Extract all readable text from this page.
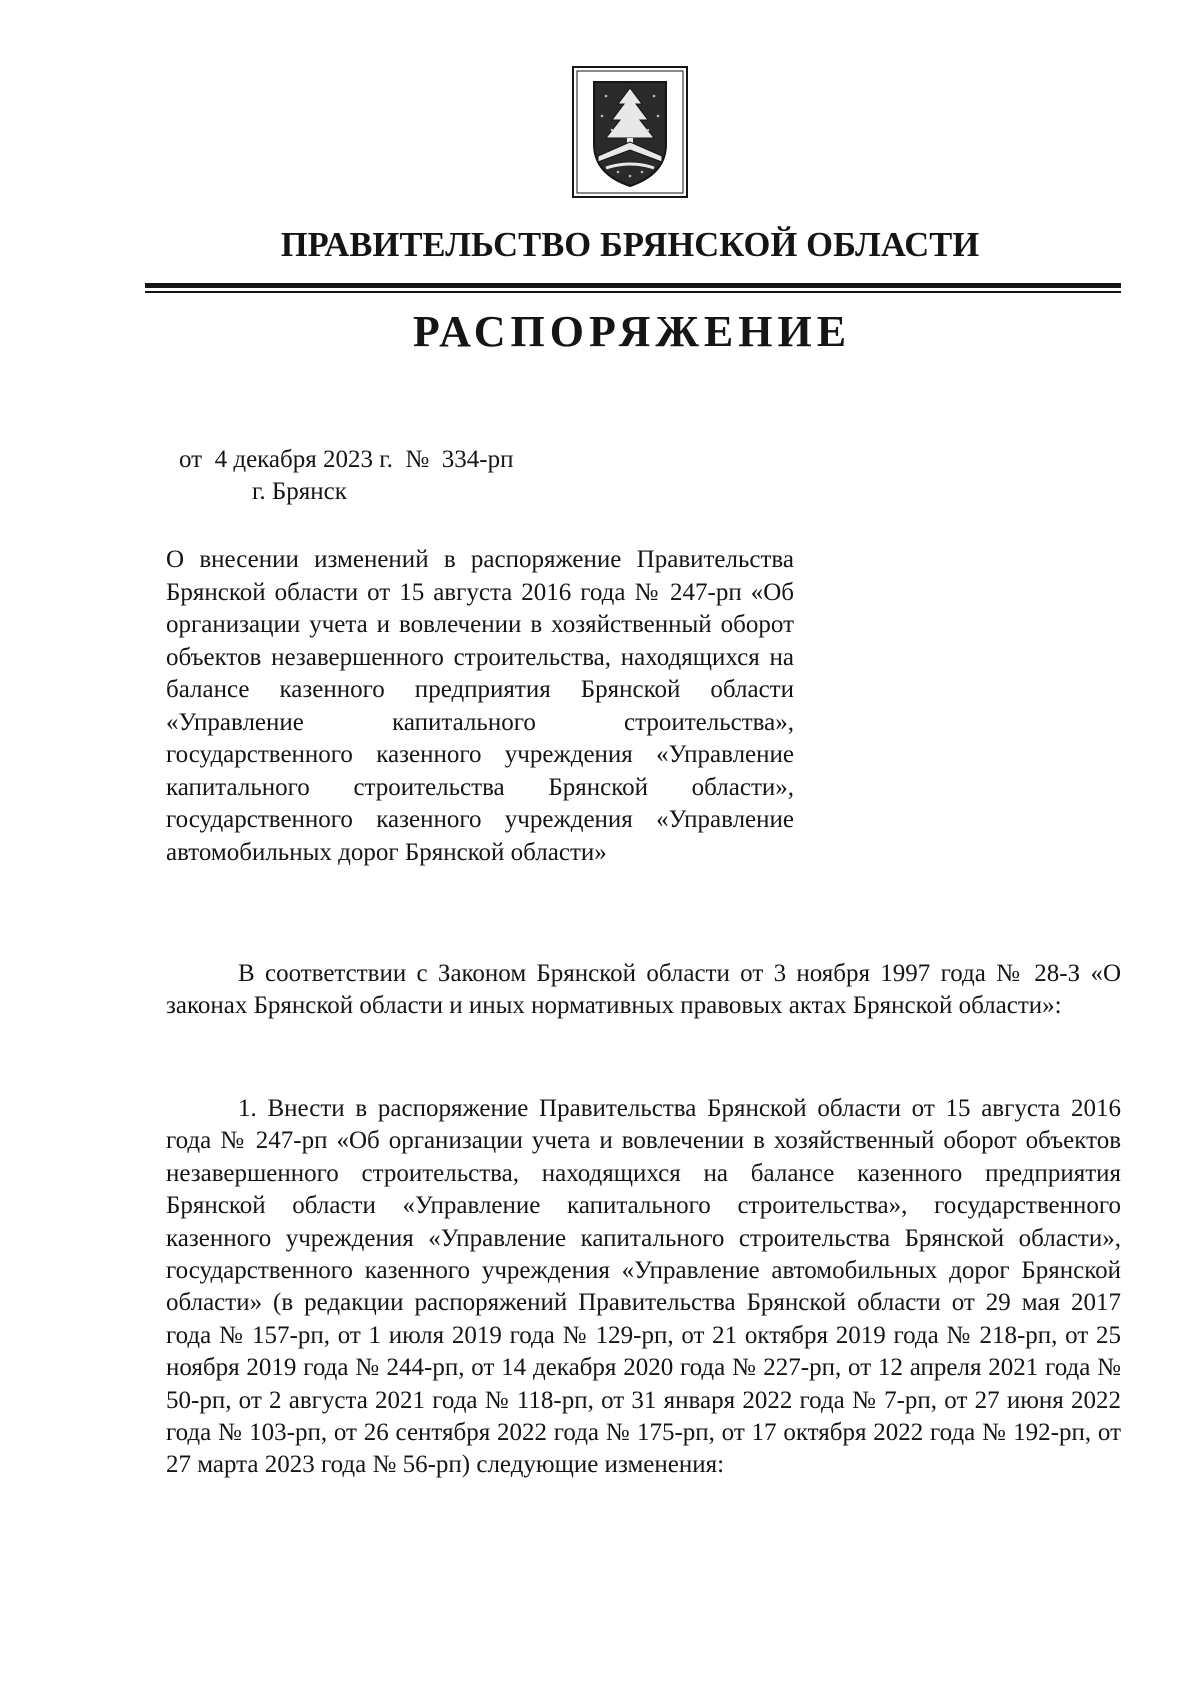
ПРАВИТЕЛЬСТВО БРЯНСКОЙ ОБЛАСТИ
РАСПОРЯЖЕНИЕ
от  4 декабря 2023 г.  №  334-рп
г. Брянск

О внесении изменений в распоряжение Правительства Брянской области от 15 августа 2016 года № 247-рп «Об организации учета и вовлечении в хозяйственный оборот объектов незавершенного строительства, находящихся на балансе казенного предприятия Брянской области «Управление капитального строительства», государственного казенного учреждения «Управление капитального строительства Брянской области», государственного казенного учреждения «Управление автомобильных дорог Брянской области»

В соответствии с Законом Брянской области от 3 ноября 1997 года № 28-З «О законах Брянской области и иных нормативных правовых актах Брянской области»:

1. Внести в распоряжение Правительства Брянской области от 15 августа 2016 года № 247-рп «Об организации учета и вовлечении в хозяйственный оборот объектов незавершенного строительства, находящихся на балансе казенного предприятия Брянской области «Управление капитального строительства», государственного казенного учреждения «Управление капитального строительства Брянской области», государственного казенного учреждения «Управление автомобильных дорог Брянской области» (в редакции распоряжений Правительства Брянской области от 29 мая 2017 года № 157-рп, от 1 июля 2019 года № 129-рп, от 21 октября 2019 года № 218-рп, от 25 ноября 2019 года № 244-рп, от 14 декабря 2020 года № 227-рп, от 12 апреля 2021 года № 50-рп, от 2 августа 2021 года № 118-рп, от 31 января 2022 года № 7-рп, от 27 июня 2022 года № 103-рп, от 26 сентября 2022 года № 175-рп, от 17 октября 2022 года № 192-рп, от 27 марта 2023 года № 56-рп) следующие изменения:
